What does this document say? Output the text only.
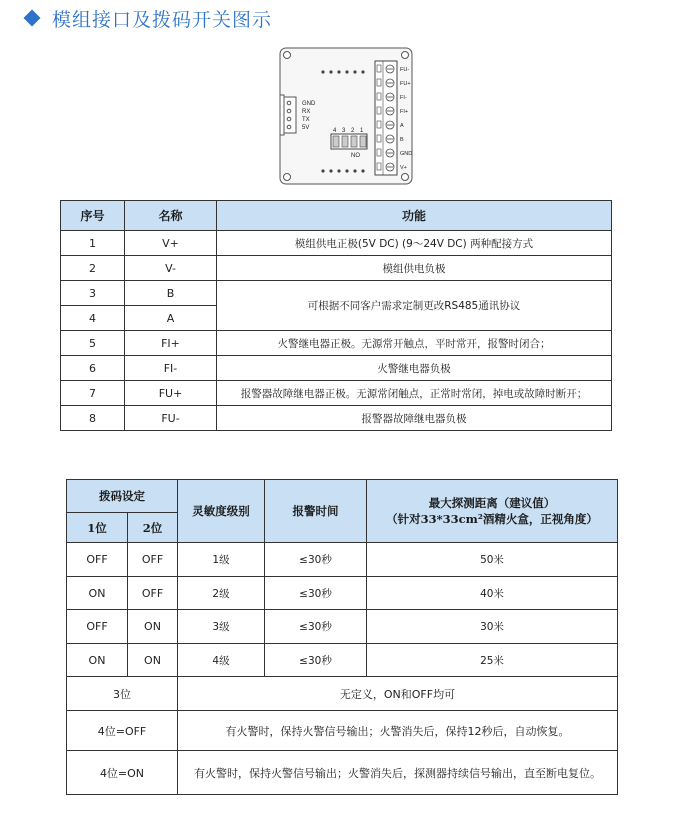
模组接口及拨码开关图示
GND
RX
TX
5V	4 3 2 1
NO
FU-
FU+
FI-
FI+
A
B
GND
V+
序号	名称	功能
1	V+	模组供电正极(5V DC) (9～24V DC) 两种配接方式
2	V-	模组供电负极
3	B	可根据不同客户需求定制更改RS485通讯协议
4	A	
5	FI+	火警继电器正极。无源常开触点，平时常开，报警时闭合；
6	FI-	火警继电器负极
7	FU+	报警器故障继电器正极。无源常闭触点，正常时常闭，掉电或故障时断开；
8	FU-	报警器故障继电器负极
拨码设定		灵敏度级别	报警时间	最大探测距离（建议值）
（针对33*33cm²酒精火盒，正视角度）

1位	2位			
OFF	OFF	1级	≤30秒	50米
ON	OFF	2级	≤30秒	40米
OFF	ON	3级	≤30秒	30米
ON	ON	4级	≤30秒	25米
3位		无定义，ON和OFF均可		
4位=OFF		有火警时，保持火警信号输出；火警消失后，保持12秒后，自动恢复。		
4位=ON		有火警时，保持火警信号输出；火警消失后，探测器持续信号输出，直至断电复位。		
